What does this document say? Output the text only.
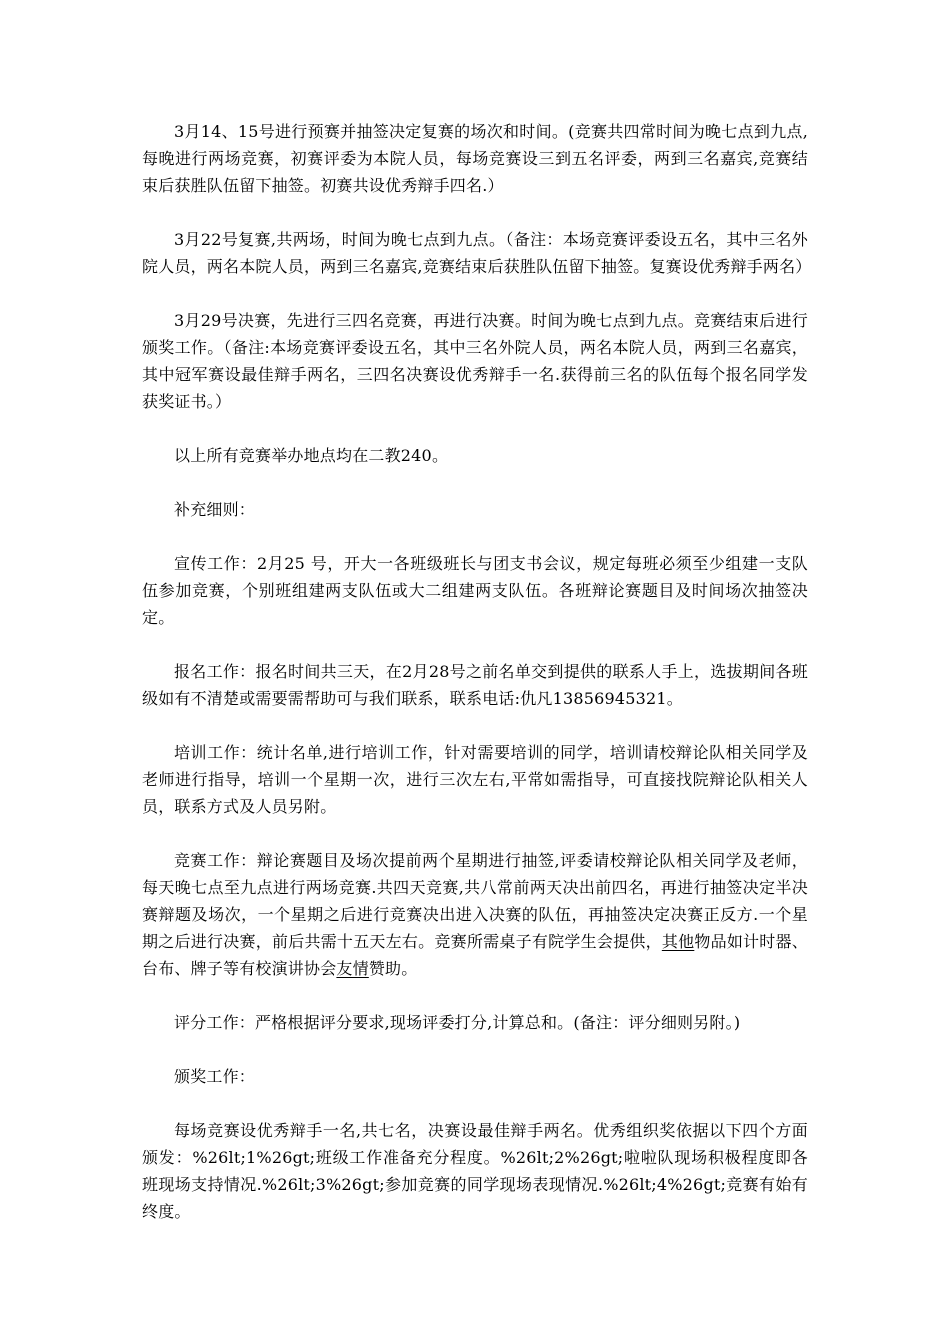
3月14、15号进行预赛并抽签决定复赛的场次和时间。(竞赛共四常时间为晚七点到九点,每晚进行两场竞赛，初赛评委为本院人员，每场竞赛设三到五名评委，两到三名嘉宾,竞赛结束后获胜队伍留下抽签。初赛共设优秀辩手四名.）

3月22号复赛,共两场，时间为晚七点到九点。（备注：本场竞赛评委设五名，其中三名外院人员，两名本院人员，两到三名嘉宾,竞赛结束后获胜队伍留下抽签。复赛设优秀辩手两名）

3月29号决赛，先进行三四名竞赛，再进行决赛。时间为晚七点到九点。竞赛结束后进行颁奖工作。（备注:本场竞赛评委设五名，其中三名外院人员，两名本院人员，两到三名嘉宾，其中冠军赛设最佳辩手两名，三四名决赛设优秀辩手一名.获得前三名的队伍每个报名同学发获奖证书。）

以上所有竞赛举办地点均在二教240。

补充细则：

宣传工作：2月25 号，开大一各班级班长与团支书会议，规定每班必须至少组建一支队伍参加竞赛，个别班组建两支队伍或大二组建两支队伍。各班辩论赛题目及时间场次抽签决定。

报名工作：报名时间共三天，在2月28号之前名单交到提供的联系人手上，选拔期间各班级如有不清楚或需要需帮助可与我们联系，联系电话:仇凡13856945321。

培训工作：统计名单,进行培训工作，针对需要培训的同学，培训请校辩论队相关同学及老师进行指导，培训一个星期一次，进行三次左右,平常如需指导，可直接找院辩论队相关人员，联系方式及人员另附。

竞赛工作：辩论赛题目及场次提前两个星期进行抽签,评委请校辩论队相关同学及老师，每天晚七点至九点进行两场竞赛.共四天竞赛,共八常前两天决出前四名，再进行抽签决定半决赛辩题及场次，一个星期之后进行竞赛决出进入决赛的队伍，再抽签决定决赛正反方.一个星期之后进行决赛，前后共需十五天左右。竞赛所需桌子有院学生会提供，其他物品如计时器、台布、牌子等有校演讲协会友情赞助。

评分工作：严格根据评分要求,现场评委打分,计算总和。(备注：评分细则另附。)

颁奖工作：

每场竞赛设优秀辩手一名,共七名，决赛设最佳辩手两名。优秀组织奖依据以下四个方面颁发：%26lt;1%26gt;班级工作准备充分程度。%26lt;2%26gt;啦啦队现场积极程度即各班现场支持情况.%26lt;3%26gt;参加竞赛的同学现场表现情况.%26lt;4%26gt;竞赛有始有终度。
